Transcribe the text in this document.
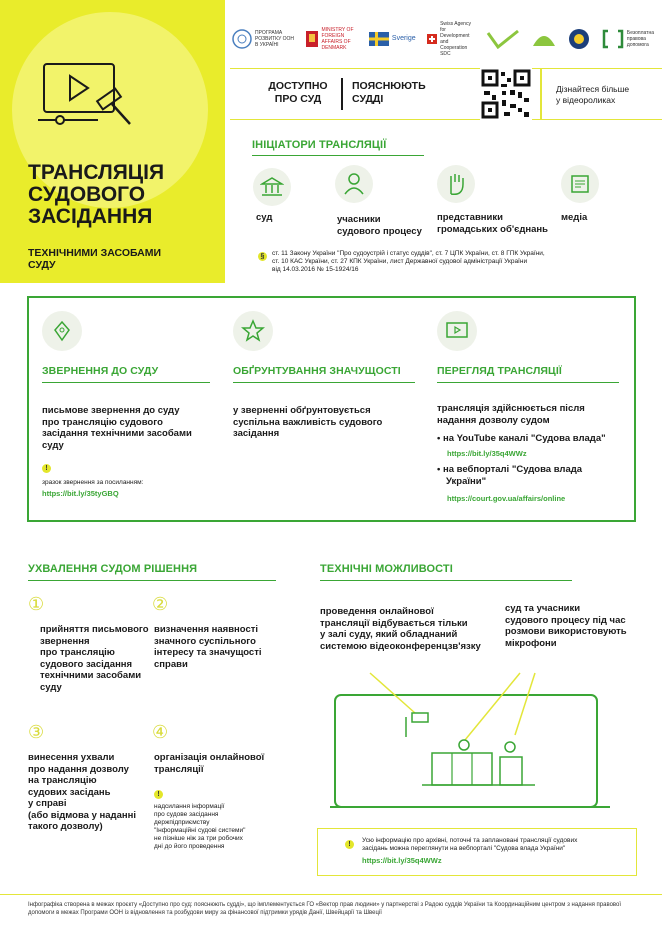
ТРАНСЛЯЦІЯ
СУДОВОГО
ЗАСІДАННЯ
ТЕХНІЧНИМИ ЗАСОБАМИ
СУДУ
ПРОГРАМА РОЗВИТКУ ООН В УКРАЇНІ
MINISTRY OF FOREIGN AFFAIRS OF DENMARK
Sverige
Swiss Agency for Development and Cooperation SDC
Безоплатна правова допомога
ДОСТУПНО
ПРО СУД
ПОЯСНЮЮТЬ
СУДДІ
Дізнайтеся більше
у відеороликах
ІНІЦІАТОРИ ТРАНСЛЯЦІЇ
суд	учасники
судового процесу
представники
громадських об'єднань
медіа
§	ст. 11 Закону України "Про судоустрій і статус суддів", ст. 7 ЦПК України, ст. 8 ГПК України,
ст. 10 КАС України, ст. 27 КПК України, лист Державної судової адміністрації України
від 14.03.2016 № 15-1924/16
ЗВЕРНЕННЯ ДО СУДУ	ОБҐРУНТУВАННЯ ЗНАЧУЩОСТІ	ПЕРЕГЛЯД ТРАНСЛЯЦІЇ
письмове звернення до суду
про трансляцію судового
засідання технічними засобами
суду
!
зразок звернення за посиланням:
https://bit.ly/35tyGBQ
у зверненні обґрунтовується
суспільна важливість судового
засідання
трансляція здійснюється після
надання дозволу судом
• на YouTube каналі "Судова влада"
https://bit.ly/35q4WWz
• на вебпорталі "Судова влада
України"
https://court.gov.ua/affairs/online
УХВАЛЕННЯ СУДОМ РІШЕННЯ
①
прийняття письмового
звернення
про трансляцію
судового засідання
технічними засобами
суду
②
визначення наявності
значного суспільного
інтересу та значущості
справи
③
винесення ухвали
про надання дозволу
на трансляцію
судових засідань
у справі
(або відмова у наданні
такого дозволу)
④
організація онлайнової
трансляції
!
надсилання інформації
про судове засідання
держпідприємству
"Інформаційні судові системи"
не пізніше ніж за три робочих
дні до його проведення
ТЕХНІЧНІ МОЖЛИВОСТІ
проведення онлайнової
трансляції відбувається тільки
у залі суду, який обладнаний
системою відеоконференцзв'язку
суд та учасники
судового процесу під час
розмови використовують
мікрофони
!
Усю інформацію про архівні, поточні та заплановані трансляції судових
засідань можна переглянути на вебпорталі "Судова влада України"
https://bit.ly/35q4WWz
Інфографіка створена в межах проєкту «Доступно про суд: пояснюють судді», що імплементується ГО «Вектор прав людини» у партнерстві з Радою суддів України та Координаційним центром з надання правової
допомоги в межах Програми ООН із відновлення та розбудови миру за фінансової підтримки урядів Данії, Швейцарії та Швеції
